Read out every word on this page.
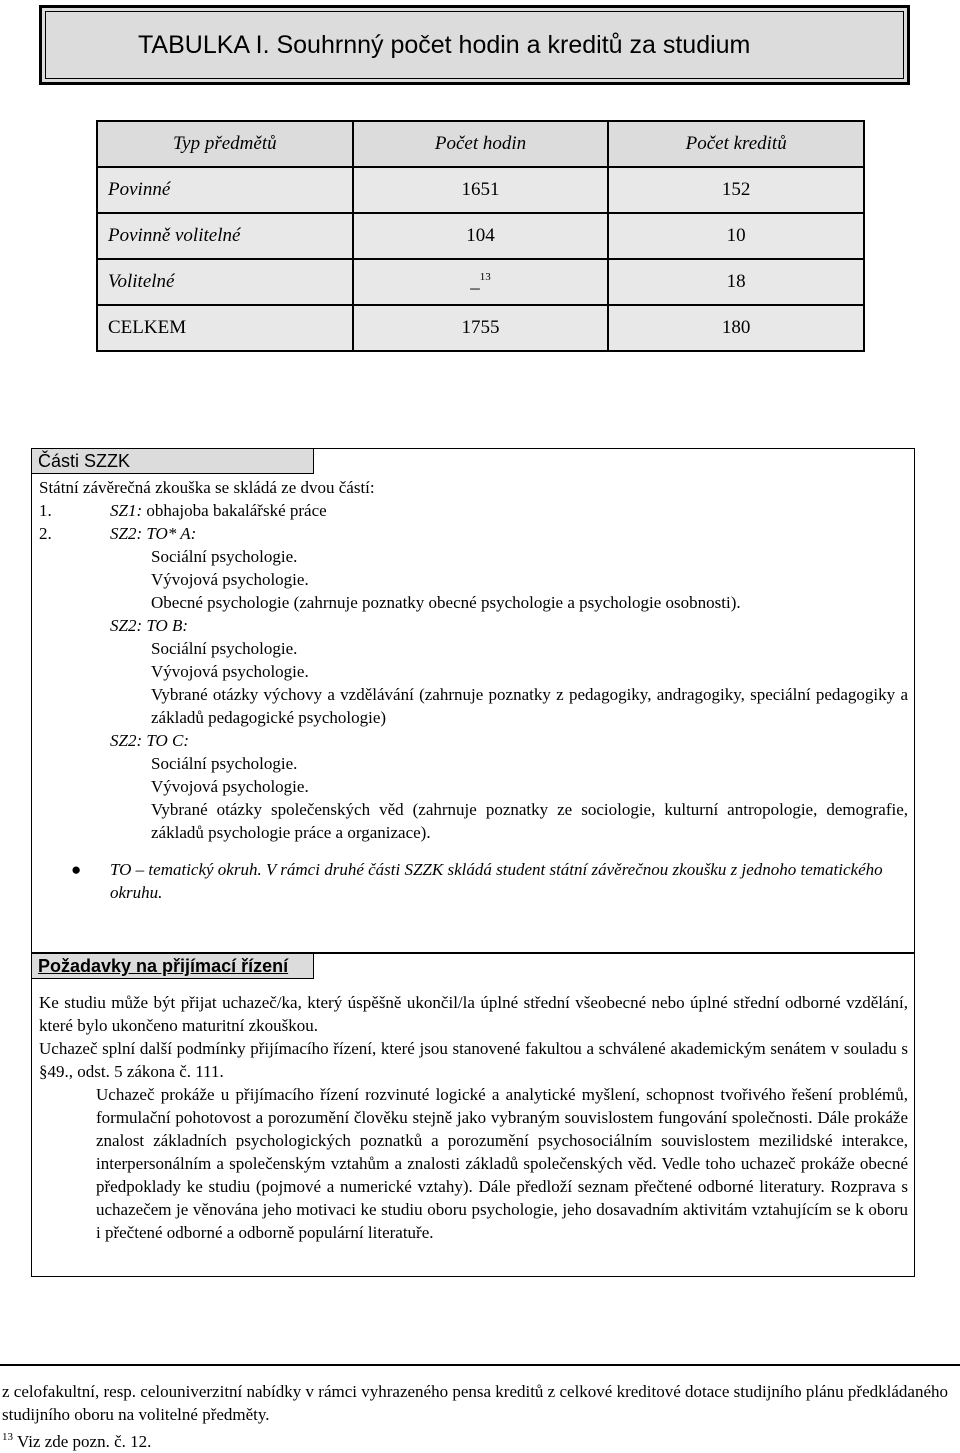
TABULKA I. Souhrnný počet hodin a kreditů za studium
Typ předmětů	Počet hodin	Počet kreditů
Povinné	1651	152
Povinně volitelné	104	10
Volitelné	_$^{13}$	18
CELKEM	1755	180
Části SZZK
Státní závěrečná zkouška se skládá ze dvou částí:
1.	SZ1: obhajoba bakalářské práce
2.	SZ2: TO* A:
Sociální psychologie.
Vývojová psychologie.
Obecné psychologie (zahrnuje poznatky obecné psychologie a psychologie osobnosti).
SZ2: TO B:
Sociální psychologie.
Vývojová psychologie.
Vybrané otázky výchovy a vzdělávání (zahrnuje poznatky z pedagogiky, andragogiky, speciální pedagogiky a základů pedagogické psychologie)
SZ2: TO C:
Sociální psychologie.
Vývojová psychologie.
Vybrané otázky společenských věd (zahrnuje poznatky ze sociologie, kulturní antropologie, demografie, základů psychologie práce a organizace).
● TO – tematický okruh. V rámci druhé části SZZK skládá student státní závěrečnou zkoušku z jednoho tematického okruhu.
Požadavky na přijímací řízení

Ke studiu může být přijat uchazeč/ka, který úspěšně ukončil/la úplné střední všeobecné nebo úplné střední odborné vzdělání, které bylo ukončeno maturitní zkouškou.

Uchazeč splní další podmínky přijímacího řízení, které jsou stanovené fakultou a schválené akademickým senátem v souladu s §49., odst. 5 zákona č. 111.

Uchazeč prokáže u přijímacího řízení rozvinuté logické a analytické myšlení, schopnost tvořivého řešení problémů, formulační pohotovost a porozumění člověku stejně jako vybraným souvislostem fungování společnosti. Dále prokáže znalost základních psychologických poznatků a porozumění psychosociálním souvislostem mezilidské interakce, interpersonálním a společenským vztahům a znalosti základů společenských věd. Vedle toho uchazeč prokáže obecné předpoklady ke studiu (pojmové a numerické vztahy). Dále předloží seznam přečtené odborné literatury. Rozprava s uchazečem je věnována jeho motivaci ke studiu oboru psychologie, jeho dosavadním aktivitám vztahujícím se k oboru i přečtené odborné a odborně populární literatuře.

z celofakultní, resp. celouniverzitní nabídky v rámci vyhrazeného pensa kreditů z celkové kreditové dotace studijního plánu předkládaného studijního oboru na volitelné předměty.
$^{13}$ Viz zde pozn. č. 12.
